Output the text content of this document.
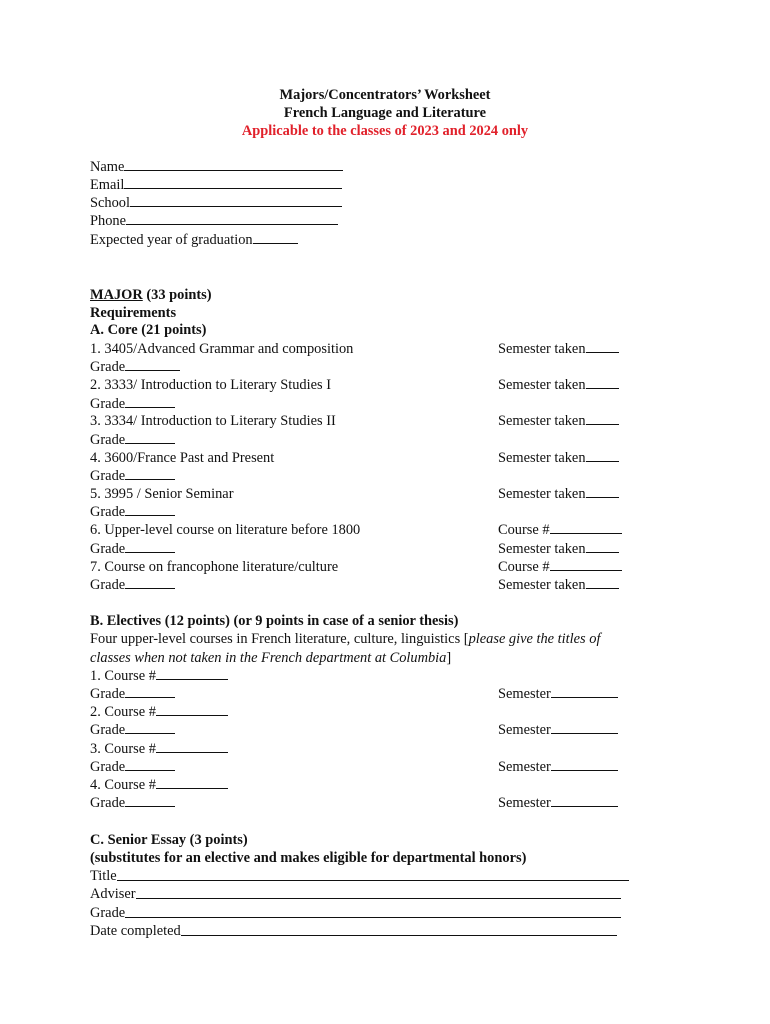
Majors/Concentrators’ Worksheet
French Language and Literature
Applicable to the classes of 2023 and 2024 only
Name
Email
School
Phone
Expected year of graduation
MAJOR (33 points)
Requirements
A. Core (21 points)
1. 3405/Advanced Grammar and composition	Semester taken
Grade
2. 3333/ Introduction to Literary Studies I	Semester taken
Grade
3. 3334/ Introduction to Literary Studies II	Semester taken
Grade
4. 3600/France Past and Present	Semester taken
Grade
5. 3995 / Senior Seminar	Semester taken
Grade
6. Upper-level course on literature before 1800	Course #
Grade	Semester taken
7. Course on francophone literature/culture	Course #
Grade	Semester taken
B. Electives (12 points) (or 9 points in case of a senior thesis)
Four upper-level courses in French literature, culture, linguistics [please give the titles of
classes when not taken in the French department at Columbia]
1. Course #
Grade	Semester
2. Course #
Grade	Semester
3. Course #
Grade	Semester
4. Course #
Grade	Semester
C. Senior Essay (3 points)
(substitutes for an elective and makes eligible for departmental honors)
Title
Adviser
Grade
Date completed
